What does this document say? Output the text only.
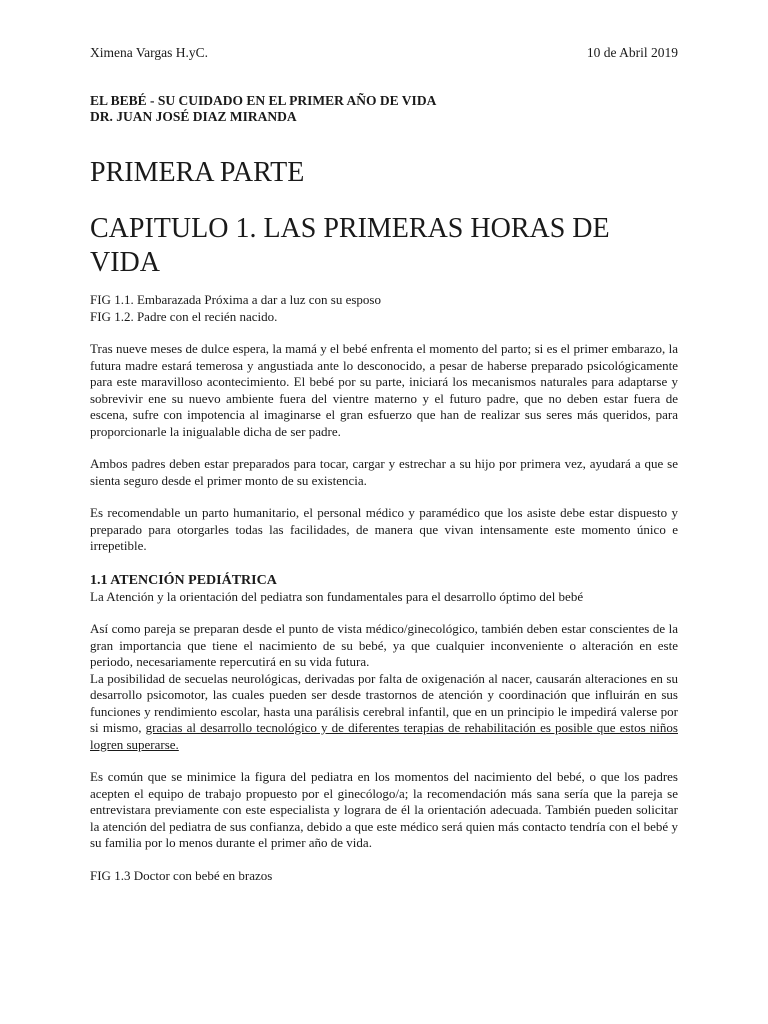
Ximena Vargas H.yC.	10 de Abril 2019
EL BEBÉ - SU CUIDADO EN EL PRIMER AÑO DE VIDA
DR. JUAN JOSÉ DIAZ MIRANDA
PRIMERA PARTE
CAPITULO 1. LAS PRIMERAS HORAS DE VIDA
FIG 1.1. Embarazada Próxima a dar a luz con su esposo
FIG 1.2. Padre con el recién nacido.

Tras nueve meses de dulce espera, la mamá y el bebé enfrenta el momento del parto; si es el primer embarazo, la futura madre estará temerosa y angustiada ante lo desconocido, a pesar de haberse preparado psicológicamente para este maravilloso acontecimiento. El bebé por su parte, iniciará los mecanismos naturales para adaptarse y sobrevivir ene su nuevo ambiente fuera del vientre materno y el futuro padre, que no deben estar fuera de escena, sufre con impotencia al imaginarse el gran esfuerzo que han de realizar sus seres más queridos, para proporcionarle la inigualable dicha de ser padre.

Ambos padres deben estar preparados para tocar, cargar y estrechar a su hijo por primera vez, ayudará a que se sienta seguro desde el primer monto de su existencia.

Es recomendable un parto humanitario, el personal médico y paramédico que los asiste debe estar dispuesto y preparado para otorgarles todas las facilidades, de manera que vivan intensamente este momento único e irrepetible.

1.1 ATENCIÓN PEDIÁTRICA

La Atención y la orientación del pediatra son fundamentales para el desarrollo óptimo del bebé

Así como pareja se preparan desde el punto de vista médico/ginecológico, también deben estar conscientes de la gran importancia que tiene el nacimiento de su bebé, ya que cualquier inconveniente o alteración en este periodo, necesariamente repercutirá en su vida futura.

La posibilidad de secuelas neurológicas, derivadas por falta de oxigenación al nacer, causarán alteraciones en su desarrollo psicomotor, las cuales pueden ser desde trastornos de atención y coordinación que influirán en sus funciones y rendimiento escolar, hasta una parálisis cerebral infantil, que en un principio le impedirá valerse por si mismo, gracias al desarrollo tecnológico y de diferentes terapias de rehabilitación es posible que estos niños logren superarse.

Es común que se minimice la figura del pediatra en los momentos del nacimiento del bebé, o que los padres acepten el equipo de trabajo propuesto por el ginecólogo/a; la recomendación más sana sería que la pareja se entrevistara previamente con este especialista y lograra de él la orientación adecuada. También pueden solicitar la atención del pediatra de sus confianza, debido a que este médico será quien más contacto tendría con el bebé y su familia por lo menos durante el primer año de vida.

FIG 1.3 Doctor con bebé en brazos
